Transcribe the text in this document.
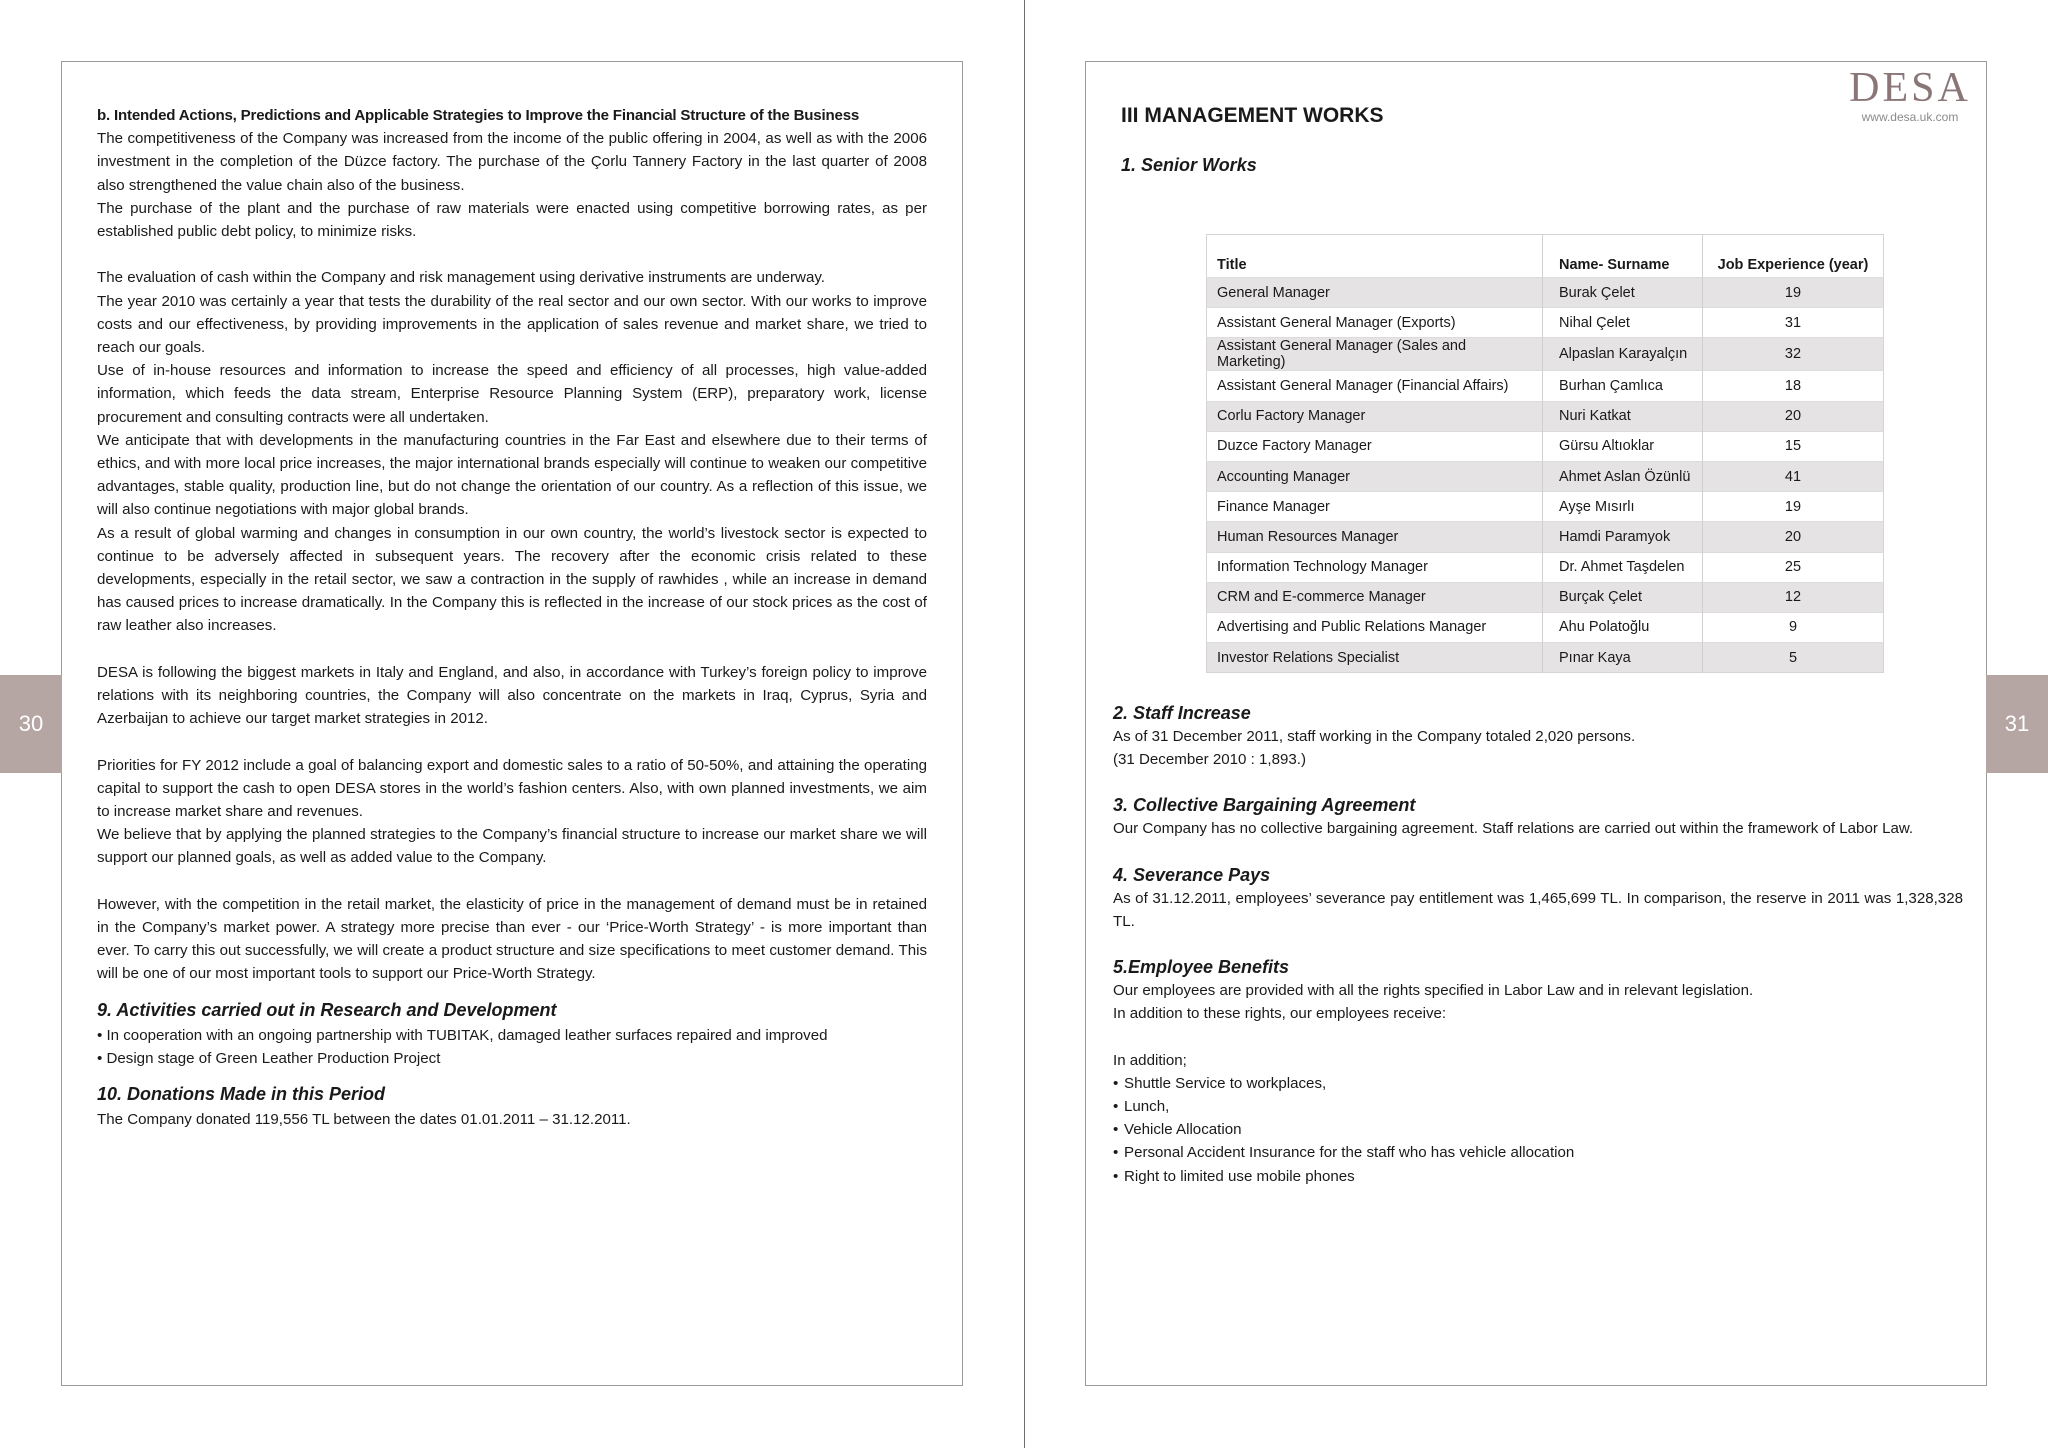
30	31

b. Intended Actions, Predictions and Applicable Strategies to Improve the Financial Structure of the Business

The competitiveness of the Company was increased from the income of the public offering in 2004, as well as with the 2006 investment in the completion of the Düzce factory. The purchase of the Çorlu Tannery Factory in the last quarter of 2008 also strengthened the value chain also of the business.

The purchase of the plant and the purchase of raw materials were enacted using competitive borrowing rates, as per established public debt policy, to minimize risks.

The evaluation of cash within the Company and risk management using derivative instruments are underway.

The year 2010 was certainly a year that tests the durability of the real sector and our own sector. With our works to improve costs and our effectiveness, by providing improvements in the application of sales revenue and market share, we tried to reach our goals.

Use of in-house resources and information to increase the speed and efficiency of all processes, high value-added information, which feeds the data stream, Enterprise Resource Planning System (ERP), preparatory work, license procurement and consulting contracts were all undertaken.

We anticipate that with developments in the manufacturing countries in the Far East and elsewhere due to their terms of ethics, and with more local price increases, the major international brands especially will continue to weaken our competitive advantages, stable quality, production line, but do not change the orientation of our country. As a reflection of this issue, we will also continue negotiations with major global brands.

As a result of global warming and changes in consumption in our own country, the world’s livestock sector is expected to continue to be adversely affected in subsequent years. The recovery after the economic crisis related to these developments, especially in the retail sector, we saw a contraction in the supply of rawhides , while an increase in demand has caused prices to increase dramatically. In the Company this is reflected in the increase of our stock prices as the cost of raw leather also increases.

DESA is following the biggest markets in Italy and England, and also, in accordance with Turkey’s foreign policy to improve relations with its neighboring countries, the Company will also concentrate on the markets in Iraq, Cyprus, Syria and Azerbaijan to achieve our target market strategies in 2012.

Priorities for FY 2012 include a goal of balancing export and domestic sales to a ratio of 50-50%, and attaining the operating capital to support the cash to open DESA stores in the world’s fashion centers. Also, with own planned investments, we aim to increase market share and revenues.

We believe that by applying the planned strategies to the Company’s financial structure to increase our market share we will support our planned goals, as well as added value to the Company.

However, with the competition in the retail market, the elasticity of price in the management of demand must be in retained in the Company’s market power. A strategy more precise than ever - our ‘Price-Worth Strategy’ - is more important than ever. To carry this out successfully, we will create a product structure and size specifications to meet customer demand. This will be one of our most important tools to support our Price-Worth Strategy.

9. Activities carried out in Research and Development

• In cooperation with an ongoing partnership with TUBITAK, damaged leather surfaces repaired and improved

• Design stage of Green Leather Production Project

10. Donations Made in this Period

The Company donated 119,556 TL between the dates 01.01.2011 – 31.12.2011.

DESA
www.desa.uk.com
III MANAGEMENT WORKS
1. Senior Works
Title	Name- Surname	Job Experience (year)
General Manager	Burak Çelet	19
Assistant General Manager (Exports)	Nihal Çelet	31
Assistant General Manager (Sales and Marketing)	Alpaslan Karayalçın	32
Assistant General Manager (Financial Affairs)	Burhan Çamlıca	18
Corlu Factory Manager	Nuri Katkat	20
Duzce Factory Manager	Gürsu Altıoklar	15
Accounting Manager	Ahmet Aslan Özünlü	41
Finance Manager	Ayşe Mısırlı	19
Human Resources Manager	Hamdi Paramyok	20
Information Technology Manager	Dr. Ahmet Taşdelen	25
CRM and E-commerce Manager	Burçak Çelet	12
Advertising and Public Relations Manager	Ahu Polatoğlu	9
Investor Relations Specialist	Pınar Kaya	5

2. Staff Increase

As of 31 December 2011, staff working in the Company totaled 2,020 persons.

(31 December 2010 : 1,893.)

3. Collective Bargaining Agreement

Our Company has no collective bargaining agreement. Staff relations are carried out within the framework of Labor Law.

4. Severance Pays

As of 31.12.2011, employees’ severance pay entitlement was 1,465,699 TL. In comparison, the reserve in 2011 was 1,328,328 TL.

5.Employee Benefits

Our employees are provided with all the rights specified in Labor Law and in relevant legislation.

In addition to these rights, our employees receive:

In addition;

• Shuttle Service to workplaces,
• Lunch,
• Vehicle Allocation
• Personal Accident Insurance for the staff who has vehicle allocation
• Right to limited use mobile phones
